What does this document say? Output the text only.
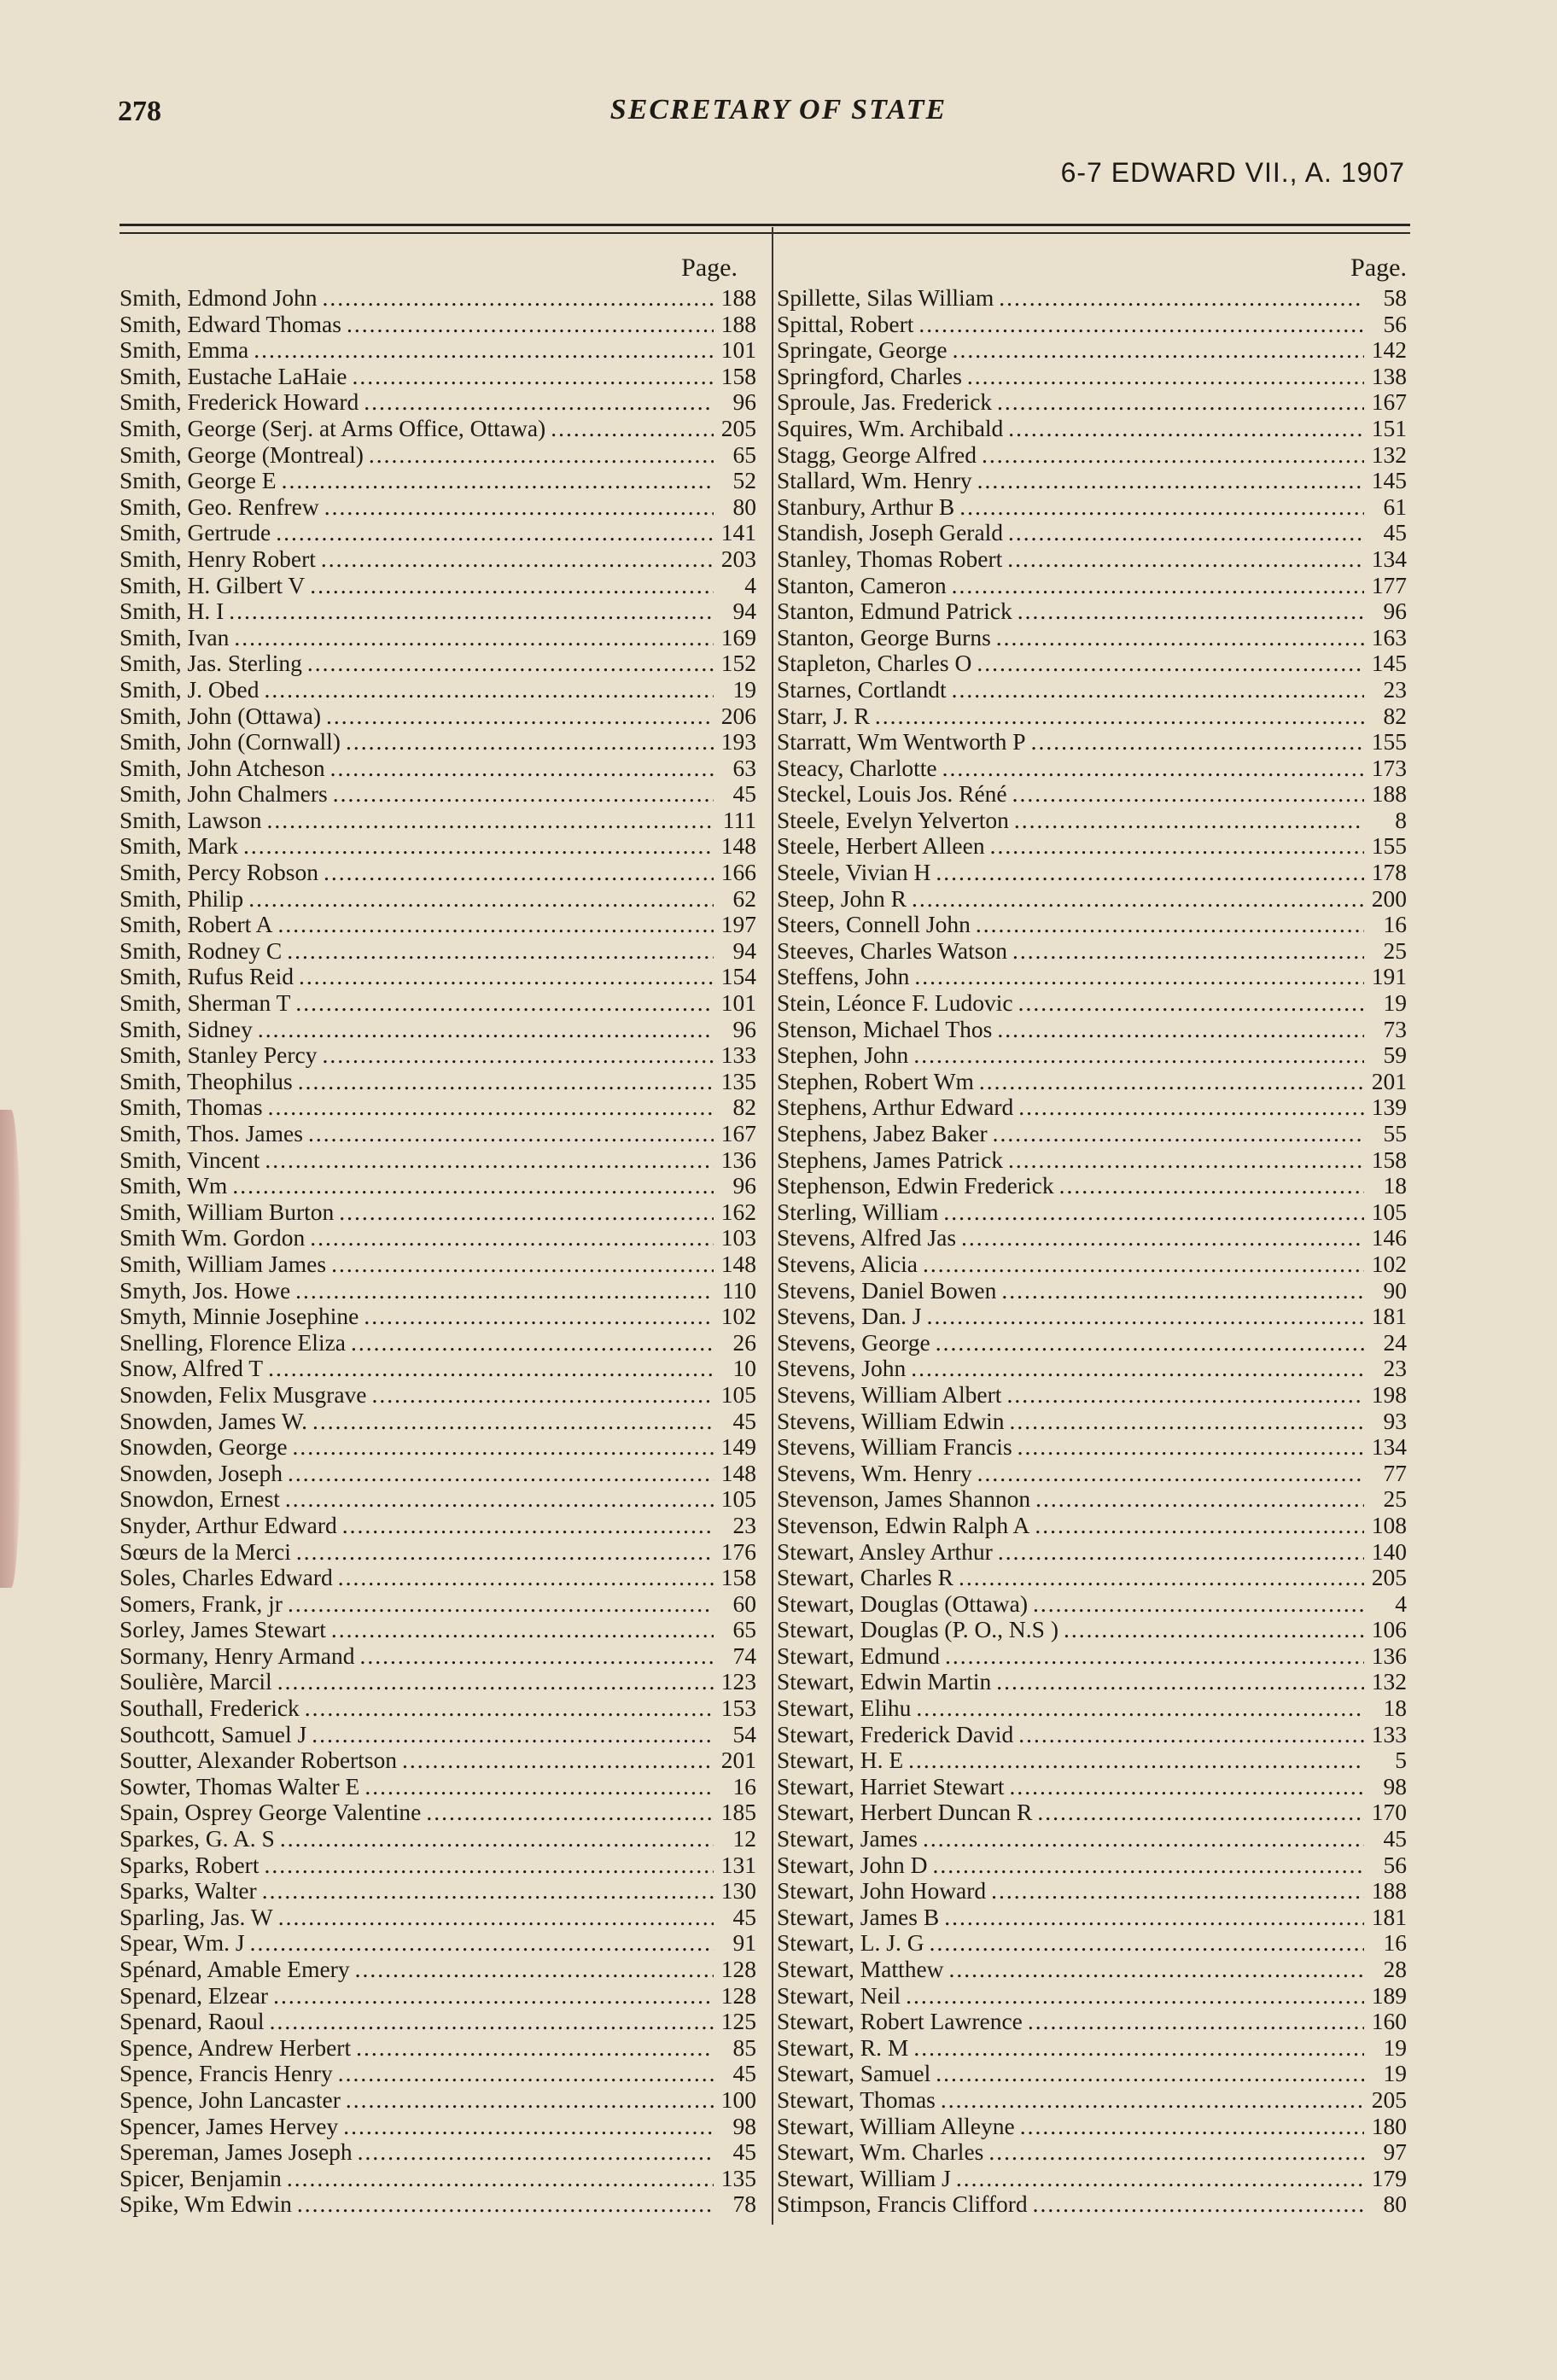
278	SECRETARY OF STATE
6-7 EDWARD VII., A. 1907
Page.
Smith, Edmond John .....	188
Smith, Edward Thomas .....	188
Smith, Emma .....	101
Smith, Eustache LaHaie .....	158
Smith, Frederick Howard .....	96
Smith, George (Serj. at Arms Office, Ottawa) .....	205
Smith, George (Montreal) .....	65
Smith, George E .....	52
Smith, Geo. Renfrew .....	80
Smith, Gertrude .....	141
Smith, Henry Robert .....	203
Smith, H. Gilbert V .....	4
Smith, H. I .....	94
Smith, Ivan .....	169
Smith, Jas. Sterling .....	152
Smith, J. Obed .....	19
Smith, John (Ottawa) .....	206
Smith, John (Cornwall) .....	193
Smith, John Atcheson .....	63
Smith, John Chalmers .....	45
Smith, Lawson .....	111
Smith, Mark .....	148
Smith, Percy Robson .....	166
Smith, Philip .....	62
Smith, Robert A .....	197
Smith, Rodney C .....	94
Smith, Rufus Reid .....	154
Smith, Sherman T .....	101
Smith, Sidney .....	96
Smith, Stanley Percy .....	133
Smith, Theophilus .....	135
Smith, Thomas .....	82
Smith, Thos. James .....	167
Smith, Vincent .....	136
Smith, Wm .....	96
Smith, William Burton .....	162
Smith Wm. Gordon .....	103
Smith, William James .....	148
Smyth, Jos. Howe .....	110
Smyth, Minnie Josephine .....	102
Snelling, Florence Eliza .....	26
Snow, Alfred T .....	10
Snowden, Felix Musgrave .....	105
Snowden, James W. .....	45
Snowden, George .....	149
Snowden, Joseph .....	148
Snowdon, Ernest .....	105
Snyder, Arthur Edward .....	23
Sœurs de la Merci .....	176
Soles, Charles Edward .....	158
Somers, Frank, jr .....	60
Sorley, James Stewart .....	65
Sormany, Henry Armand .....	74
Soulière, Marcil .....	123
Southall, Frederick .....	153
Southcott, Samuel J .....	54
Soutter, Alexander Robertson .....	201
Sowter, Thomas Walter E .....	16
Spain, Osprey George Valentine .....	185
Sparkes, G. A. S .....	12
Sparks, Robert .....	131
Sparks, Walter .....	130
Sparling, Jas. W .....	45
Spear, Wm. J .....	91
Spénard, Amable Emery .....	128
Spenard, Elzear .....	128
Spenard, Raoul .....	125
Spence, Andrew Herbert .....	85
Spence, Francis Henry .....	45
Spence, John Lancaster .....	100
Spencer, James Hervey .....	98
Spereman, James Joseph .....	45
Spicer, Benjamin .....	135
Spike, Wm Edwin .....	78
Page.
Spillette, Silas William .....	58
Spittal, Robert .....	56
Springate, George .....	142
Springford, Charles .....	138
Sproule, Jas. Frederick .....	167
Squires, Wm. Archibald .....	151
Stagg, George Alfred .....	132
Stallard, Wm. Henry .....	145
Stanbury, Arthur B .....	61
Standish, Joseph Gerald .....	45
Stanley, Thomas Robert .....	134
Stanton, Cameron .....	177
Stanton, Edmund Patrick .....	96
Stanton, George Burns .....	163
Stapleton, Charles O .....	145
Starnes, Cortlandt .....	23
Starr, J. R .....	82
Starratt, Wm Wentworth P .....	155
Steacy, Charlotte .....	173
Steckel, Louis Jos. Réné .....	188
Steele, Evelyn Yelverton .....	8
Steele, Herbert Alleen .....	155
Steele, Vivian H .....	178
Steep, John R .....	200
Steers, Connell John .....	16
Steeves, Charles Watson .....	25
Steffens, John .....	191
Stein, Léonce F. Ludovic .....	19
Stenson, Michael Thos .....	73
Stephen, John .....	59
Stephen, Robert Wm .....	201
Stephens, Arthur Edward .....	139
Stephens, Jabez Baker .....	55
Stephens, James Patrick .....	158
Stephenson, Edwin Frederick .....	18
Sterling, William .....	105
Stevens, Alfred Jas .....	146
Stevens, Alicia .....	102
Stevens, Daniel Bowen .....	90
Stevens, Dan. J .....	181
Stevens, George .....	24
Stevens, John .....	23
Stevens, William Albert .....	198
Stevens, William Edwin .....	93
Stevens, William Francis .....	134
Stevens, Wm. Henry .....	77
Stevenson, James Shannon .....	25
Stevenson, Edwin Ralph A .....	108
Stewart, Ansley Arthur .....	140
Stewart, Charles R .....	205
Stewart, Douglas (Ottawa) .....	4
Stewart, Douglas (P. O., N.S ) .....	106
Stewart, Edmund .....	136
Stewart, Edwin Martin .....	132
Stewart, Elihu .....	18
Stewart, Frederick David .....	133
Stewart, H. E .....	5
Stewart, Harriet Stewart .....	98
Stewart, Herbert Duncan R .....	170
Stewart, James .....	45
Stewart, John D .....	56
Stewart, John Howard .....	188
Stewart, James B .....	181
Stewart, L. J. G .....	16
Stewart, Matthew .....	28
Stewart, Neil .....	189
Stewart, Robert Lawrence .....	160
Stewart, R. M .....	19
Stewart, Samuel .....	19
Stewart, Thomas .....	205
Stewart, William Alleyne .....	180
Stewart, Wm. Charles .....	97
Stewart, William J .....	179
Stimpson, Francis Clifford .....	80
